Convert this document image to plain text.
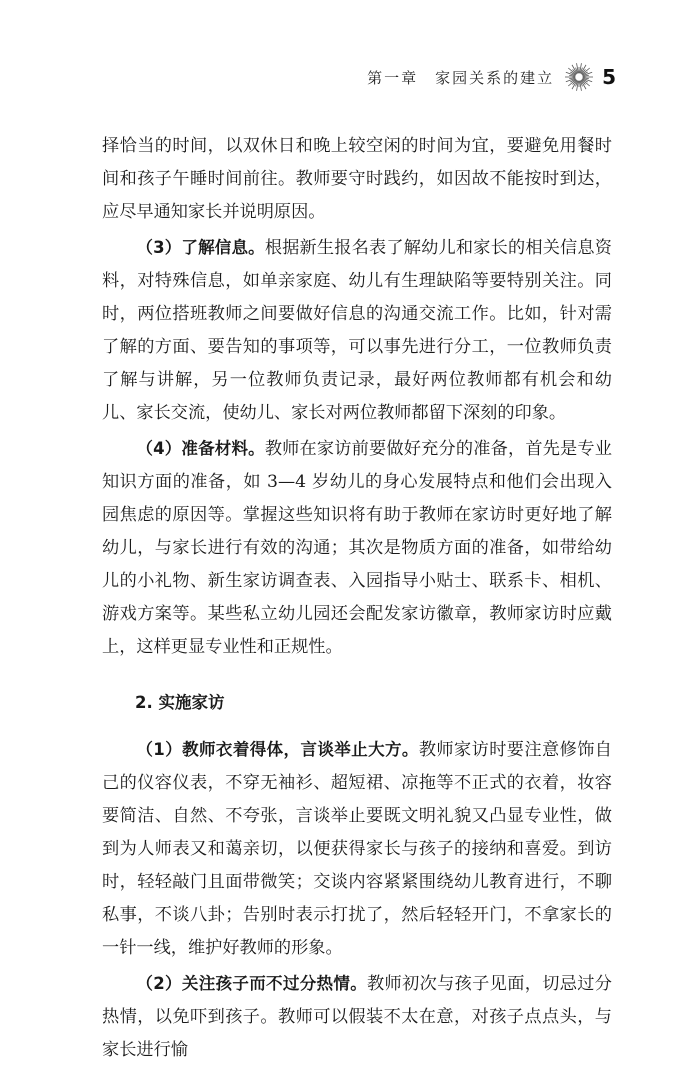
第一章　家园关系的建立 5

择恰当的时间，以双休日和晚上较空闲的时间为宜，要避免用餐时间和孩子午睡时间前往。教师要守时践约，如因故不能按时到达，应尽早通知家长并说明原因。

（3）了解信息。根据新生报名表了解幼儿和家长的相关信息资料，对特殊信息，如单亲家庭、幼儿有生理缺陷等要特别关注。同时，两位搭班教师之间要做好信息的沟通交流工作。比如，针对需了解的方面、要告知的事项等，可以事先进行分工，一位教师负责了解与讲解，另一位教师负责记录，最好两位教师都有机会和幼儿、家长交流，使幼儿、家长对两位教师都留下深刻的印象。

（4）准备材料。教师在家访前要做好充分的准备，首先是专业知识方面的准备，如 3—4 岁幼儿的身心发展特点和他们会出现入园焦虑的原因等。掌握这些知识将有助于教师在家访时更好地了解幼儿，与家长进行有效的沟通；其次是物质方面的准备，如带给幼儿的小礼物、新生家访调查表、入园指导小贴士、联系卡、相机、游戏方案等。某些私立幼儿园还会配发家访徽章，教师家访时应戴上，这样更显专业性和正规性。

2. 实施家访

（1）教师衣着得体，言谈举止大方。教师家访时要注意修饰自己的仪容仪表，不穿无袖衫、超短裙、凉拖等不正式的衣着，妆容要简洁、自然、不夸张，言谈举止要既文明礼貌又凸显专业性，做到为人师表又和蔼亲切，以便获得家长与孩子的接纳和喜爱。到访时，轻轻敲门且面带微笑；交谈内容紧紧围绕幼儿教育进行，不聊私事，不谈八卦；告别时表示打扰了，然后轻轻开门，不拿家长的一针一线，维护好教师的形象。

（2）关注孩子而不过分热情。教师初次与孩子见面，切忌过分热情，以免吓到孩子。教师可以假装不太在意，对孩子点点头，与家长进行愉
